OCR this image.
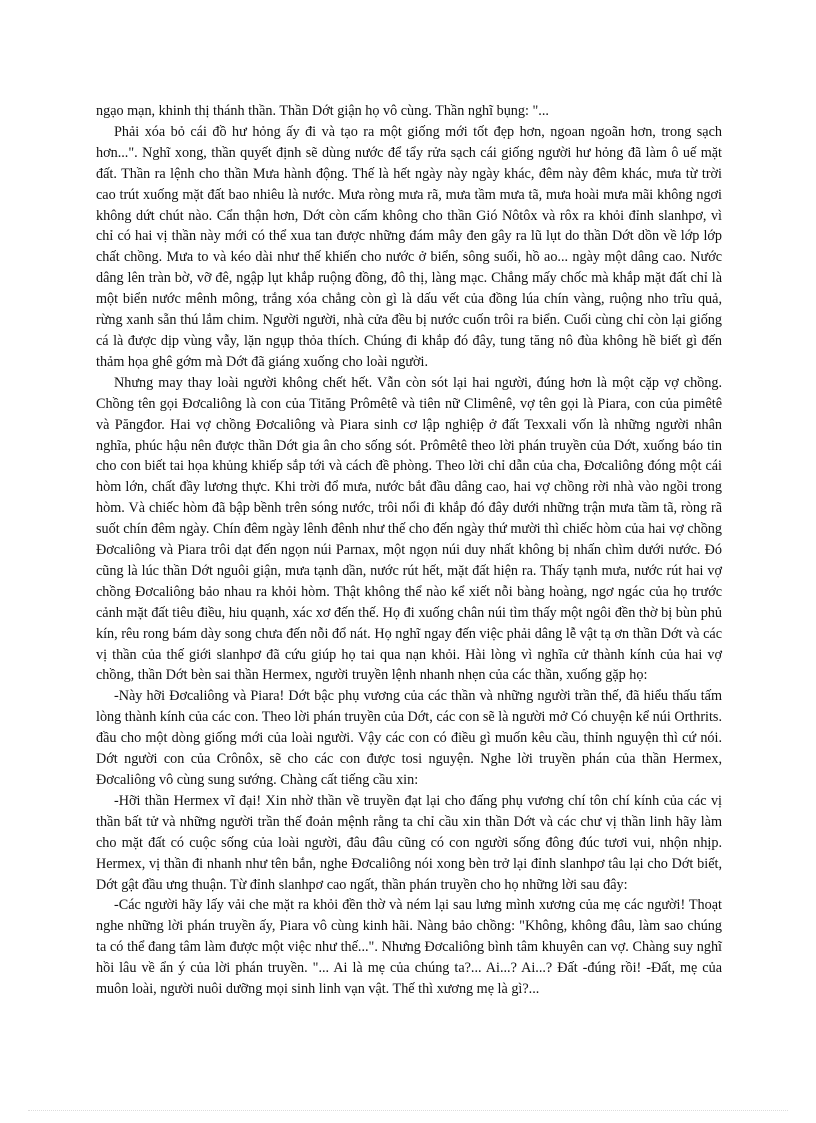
ngạo mạn, khinh thị thánh thần. Thần Dớt giận họ vô cùng. Thần nghĩ bụng: "...

Phải xóa bỏ cái đồ hư hỏng ấy đi và tạo ra một giống mới tốt đẹp hơn, ngoan ngoãn hơn, trong sạch hơn...". Nghĩ xong, thần quyết định sẽ dùng nước để tẩy rửa sạch cái giống người hư hỏng đã làm ô uế mặt đất. Thần ra lệnh cho thần Mưa hành động. Thế là hết ngày này ngày khác, đêm này đêm khác, mưa từ trời cao trút xuống mặt đất bao nhiêu là nước. Mưa ròng mưa rã, mưa tầm mưa tã, mưa hoài mưa mãi không ngơi không dứt chút nào. Cẩn thận hơn, Dớt còn cấm không cho thần Gió Nôtôx và rôx ra khỏi đỉnh slanhpơ, vì chỉ có hai vị thần này mới có thể xua tan được những đám mây đen gây ra lũ lụt do thần Dớt dồn về lớp lớp chất chồng. Mưa to và kéo dài như thế khiến cho nước ở biển, sông suối, hồ ao... ngày một dâng cao. Nước dâng lên tràn bờ, vỡ đê, ngập lụt khắp ruộng đồng, đô thị, làng mạc. Chẳng mấy chốc mà khắp mặt đất chỉ là một biển nước mênh mông, trắng xóa chẳng còn gì là dấu vết của đồng lúa chín vàng, ruộng nho trĩu quả, rừng xanh sẵn thú lắm chim. Người người, nhà cửa đều bị nước cuốn trôi ra biển. Cuối cùng chỉ còn lại giống cá là được dịp vùng vẫy, lặn ngụp thỏa thích. Chúng đi khắp đó đây, tung tăng nô đùa không hề biết gì đến thảm họa ghê gớm mà Dớt đã giáng xuống cho loài người.

Nhưng may thay loài người không chết hết. Vẫn còn sót lại hai người, đúng hơn là một cặp vợ chồng. Chồng tên gọi Đơcaliông là con của Tităng Prômêtê và tiên nữ Climênê, vợ tên gọi là Piara, con của pimêtê và Păngđor. Hai vợ chồng Đơcaliông và Piara sinh cơ lập nghiệp ở đất Texxali vốn là những người nhân nghĩa, phúc hậu nên được thần Dớt gia ân cho sống sót. Prômêtê theo lời phán truyền của Dớt, xuống báo tin cho con biết tai họa khủng khiếp sắp tới và cách đề phòng. Theo lời chỉ dẫn của cha, Đơcaliông đóng một cái hòm lớn, chất đầy lương thực. Khi trời đổ mưa, nước bắt đầu dâng cao, hai vợ chồng rời nhà vào ngồi trong hòm. Và chiếc hòm đã bập bềnh trên sóng nước, trôi nổi đi khắp đó đây dưới những trận mưa tầm tã, ròng rã suốt chín đêm ngày. Chín đêm ngày lênh đênh như thế cho đến ngày thứ mười thì chiếc hòm của hai vợ chồng Đơcaliông và Piara trôi dạt đến ngọn núi Parnax, một ngọn núi duy nhất không bị nhấn chìm dưới nước. Đó cũng là lúc thần Dớt nguôi giận, mưa tạnh dần, nước rút hết, mặt đất hiện ra. Thấy tạnh mưa, nước rút hai vợ chồng Đơcaliông bảo nhau ra khỏi hòm. Thật không thể nào kể xiết nỗi bàng hoàng, ngơ ngác của họ trước cảnh mặt đất tiêu điều, hiu quạnh, xác xơ đến thế. Họ đi xuống chân núi tìm thấy một ngôi đền thờ bị bùn phủ kín, rêu rong bám dày song chưa đến nỗi đổ nát. Họ nghĩ ngay đến việc phải dâng lễ vật tạ ơn thần Dớt và các vị thần của thế giới slanhpơ đã cứu giúp họ tai qua nạn khỏi. Hài lòng vì nghĩa cử thành kính của hai vợ chồng, thần Dớt bèn sai thần Hermex, người truyền lệnh nhanh nhẹn của các thần, xuống gặp họ:

-Này hỡi Đơcaliông và Piara! Dớt bậc phụ vương của các thần và những người trần thế, đã hiểu thấu tấm lòng thành kính của các con. Theo lời phán truyền của Dớt, các con sẽ là người mở Có chuyện kể núi Orthrits. đầu cho một dòng giống mới của loài người. Vậy các con có điều gì muốn kêu cầu, thỉnh nguyện thì cứ nói. Dớt người con của Crônôx, sẽ cho các con được tosi nguyện. Nghe lời truyền phán của thần Hermex, Đơcaliông vô cùng sung sướng. Chàng cất tiếng cầu xin:

-Hỡi thần Hermex vĩ đại! Xin nhờ thần về truyền đạt lại cho đấng phụ vương chí tôn chí kính của các vị thần bất tử và những người trần thế đoản mệnh rằng ta chỉ cầu xin thần Dớt và các chư vị thần linh hãy làm cho mặt đất có cuộc sống của loài người, đâu đâu cũng có con người sống đông đúc tươi vui, nhộn nhịp. Hermex, vị thần đi nhanh như tên bắn, nghe Đơcaliông nói xong bèn trở lại đỉnh slanhpơ tâu lại cho Dớt biết, Dớt gật đầu ưng thuận. Từ đỉnh slanhpơ cao ngất, thần phán truyền cho họ những lời sau đây:

-Các người hãy lấy vải che mặt ra khỏi đền thờ và ném lại sau lưng mình xương của mẹ các người! Thoạt nghe những lời phán truyền ấy, Piara vô cùng kinh hãi. Nàng bảo chồng: "Không, không đâu, làm sao chúng ta có thể đang tâm làm được một việc như thế...". Nhưng Đơcaliông bình tâm khuyên can vợ. Chàng suy nghĩ hồi lâu về ẩn ý của lời phán truyền. "... Ai là mẹ của chúng ta?... Ai...? Ai...? Đất -đúng rồi! -Đất, mẹ của muôn loài, người nuôi dưỡng mọi sinh linh vạn vật. Thế thì xương mẹ là gì?...
